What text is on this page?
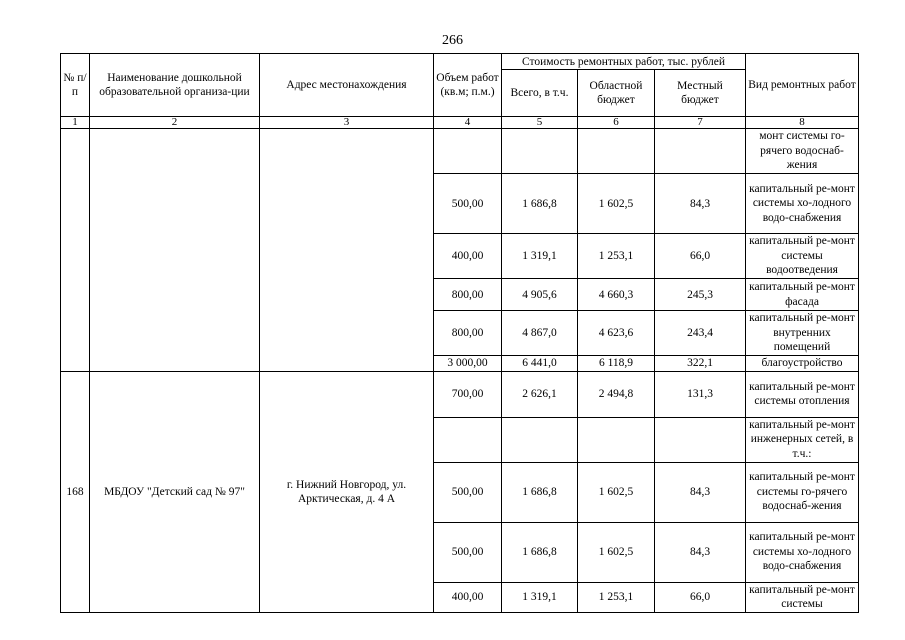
266
№ п/п	Наименование дошкольной образовательной организа-ции	Адрес местонахождения	Объем работ (кв.м; п.м.)	Стоимость ремонтных работ, тыс. рублей			Вид ремонтных работ
				Всего, в т.ч.	Областной бюджет	Местный бюджет	
1	2	3	4	5	6	7	8
							монт системы го-рячего водоснаб-жения
			500,00	1 686,8	1 602,5	84,3	капитальный ре-монт системы хо-лодного водо-снабжения
			400,00	1 319,1	1 253,1	66,0	капитальный ре-монт системы водоотведения
			800,00	4 905,6	4 660,3	245,3	капитальный ре-монт фасада
			800,00	4 867,0	4 623,6	243,4	капитальный ре-монт внутренних помещений
			3 000,00	6 441,0	6 118,9	322,1	благоустройство
168	МБДОУ "Детский сад № 97"	г. Нижний Новгород, ул. Арктическая, д. 4 А	700,00	2 626,1	2 494,8	131,3	капитальный ре-монт системы отопления
							капитальный ре-монт инженерных сетей, в т.ч.:
			500,00	1 686,8	1 602,5	84,3	капитальный ре-монт системы го-рячего водоснаб-жения
			500,00	1 686,8	1 602,5	84,3	капитальный ре-монт системы хо-лодного водо-снабжения
			400,00	1 319,1	1 253,1	66,0	капитальный ре-монт системы
